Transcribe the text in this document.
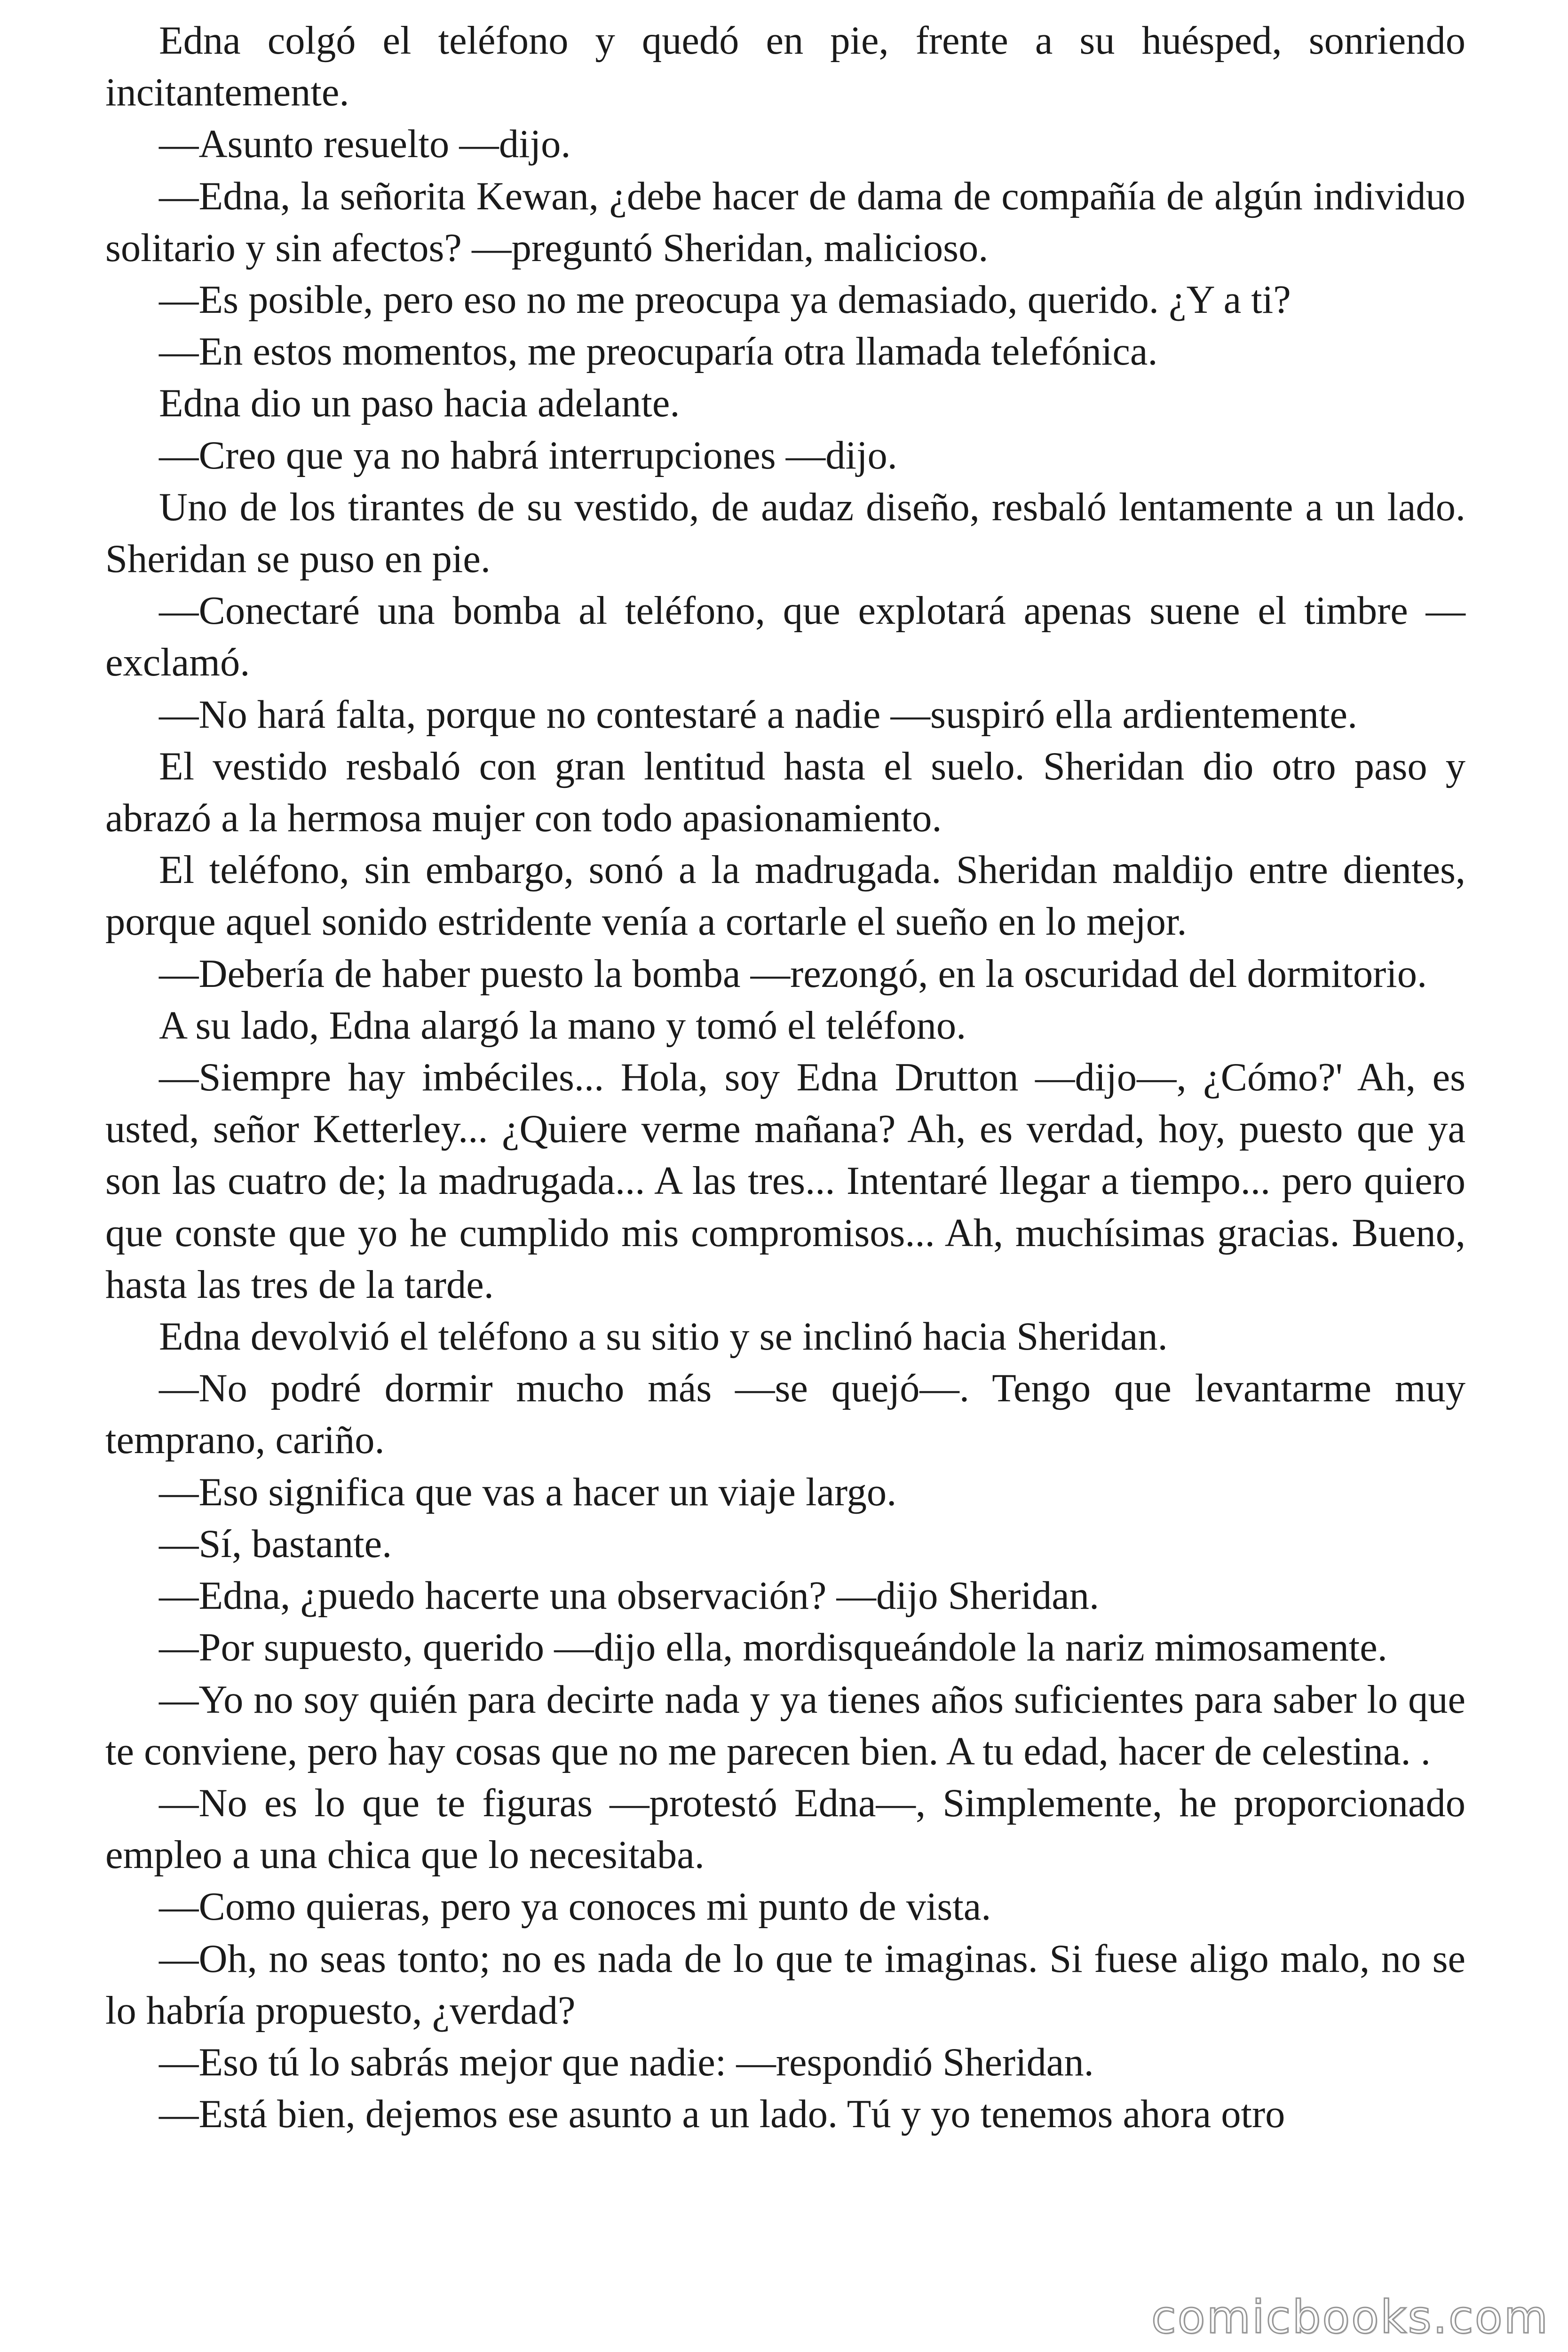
Edna colgó el teléfono y quedó en pie, frente a su huésped, sonriendo incitantemente.

—Asunto resuelto —dijo.

—Edna, la señorita Kewan, ¿debe hacer de dama de compañía de algún individuo solitario y sin afectos? —preguntó Sheridan, malicioso.

—Es posible, pero eso no me preocupa ya demasiado, querido. ¿Y a ti?

—En estos momentos, me preocuparía otra llamada telefónica.

Edna dio un paso hacia adelante.

—Creo que ya no habrá interrupciones —dijo.

Uno de los tirantes de su vestido, de audaz diseño, resbaló lentamente a un lado. Sheridan se puso en pie.

—Conectaré una bomba al teléfono, que explotará apenas suene el timbre —exclamó.

—No hará falta, porque no contestaré a nadie —suspiró ella ardientemente.

El vestido resbaló con gran lentitud hasta el suelo. Sheridan dio otro paso y abrazó a la hermosa mujer con todo apasionamiento.

El teléfono, sin embargo, sonó a la madrugada. Sheridan maldijo entre dientes, porque aquel sonido estridente venía a cortarle el sueño en lo mejor.

—Debería de haber puesto la bomba —rezongó, en la oscuridad del dormitorio.

A su lado, Edna alargó la mano y tomó el teléfono.

—Siempre hay imbéciles... Hola, soy Edna Drutton —dijo—, ¿Cómo?' Ah, es usted, señor Ketterley... ¿Quiere verme mañana? Ah, es verdad, hoy, puesto que ya son las cuatro de; la madrugada... A las tres... Intentaré llegar a tiempo... pero quiero que conste que yo he cumplido mis compromisos... Ah, muchísimas gracias. Bueno, hasta las tres de la tarde.

Edna devolvió el teléfono a su sitio y se inclinó hacia Sheridan.

—No podré dormir mucho más —se quejó—. Tengo que levantarme muy temprano, cariño.

—Eso significa que vas a hacer un viaje largo.

—Sí, bastante.

—Edna, ¿puedo hacerte una observación? —dijo Sheridan.

—Por supuesto, querido —dijo ella, mordisqueándole la nariz mimosamente.

—Yo no soy quién para decirte nada y ya tienes años suficientes para saber lo que te conviene, pero hay cosas que no me parecen bien. A tu edad, hacer de celestina. .

—No es lo que te figuras —protestó Edna—, Simplemente, he proporcionado empleo a una chica que lo necesitaba.

—Como quieras, pero ya conoces mi punto de vista.

—Oh, no seas tonto; no es nada de lo que te imaginas. Si fuese aligo malo, no se lo habría propuesto, ¿verdad?

—Eso tú lo sabrás mejor que nadie: —respondió Sheridan.

—Está bien, dejemos ese asunto a un lado. Tú y yo tenemos ahora otro

comicbooks.com
